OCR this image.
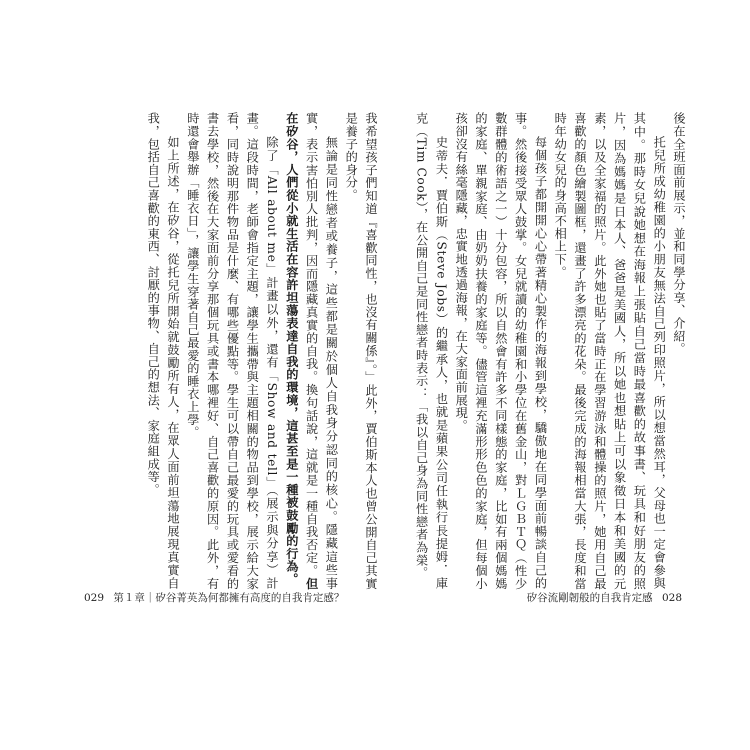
我希望孩子們知道『喜歡同性，也沒有關係』。」此外，賈伯斯本人也曾公開自己其實是養子的身分。

無論是同性戀者或養子，這些都是關於個人自我身分認同的核心。隱藏這些事實，表示害怕別人批判，因而隱藏真實的自我。換句話說，這就是一種自我否定。但在矽谷，人們從小就生活在容許坦蕩表達自我的環境，這甚至是一種被鼓勵的行為。

除了「All about me」計畫以外，還有「Show and tell」（展示與分享）計畫。這段時間，老師會指定主題，讓學生攜帶與主題相關的物品到學校，展示給大家看，同時說明那件物品是什麼、有哪些優點等。學生可以帶自己最愛的玩具或愛看的書去學校，然後在大家面前分享那個玩具或書本哪裡好、自己喜歡的原因。此外，有時還會舉辦「睡衣日」，讓學生穿著自己最愛的睡衣上學。

如上所述，在矽谷，從托兒所開始就鼓勵所有人，在眾人面前坦蕩地展現真實自我，包括自己喜歡的東西、討厭的事物、自己的想法、家庭組成等。

029 第１章｜矽谷菁英為何都擁有高度的自我肯定感？

後在全班面前展示，並和同學分享、介紹。

托兒所成幼稚園的小朋友無法自己列印照片，所以想當然耳，父母也一定會參與其中。那時女兒說她想在海報上張貼自己當時最喜歡的故事書、玩具和好朋友的照片，因為媽媽是日本人、爸爸是美國人，所以她也想貼上可以象徵日本和美國的元素，以及全家福的照片。此外她也貼了當時正在學習游泳和體操的照片，她用自己最喜歡的顏色繪製圖框，還畫了許多漂亮的花朵。最後完成的海報相當大張，長度和當時年幼女兒的身高不相上下。

每個孩子都開開心心帶著精心製作的海報到學校，驕傲地在同學面前暢談自己的事。然後接受眾人鼓掌。女兒就讀的幼稚園和小學位在舊金山，對ＬＧＢＴＱ（性少數群體的術語之一）十分包容，所以自然會有許多不同樣態的家庭，比如有兩個媽媽的家庭、單親家庭、由奶奶扶養的家庭等。儘管這裡充滿形形色色的家庭，但每個小孩卻沒有絲毫隱藏，忠實地透過海報，在大家面前展現。

史蒂夫．賈伯斯（Steve Jobs）的繼承人，也就是蘋果公司任執行長提姆．庫克（Tim Cook），在公開自己是同性戀者時表示：「我以自己身為同性戀者為榮。

矽谷流剛韌般的自我肯定感 028
